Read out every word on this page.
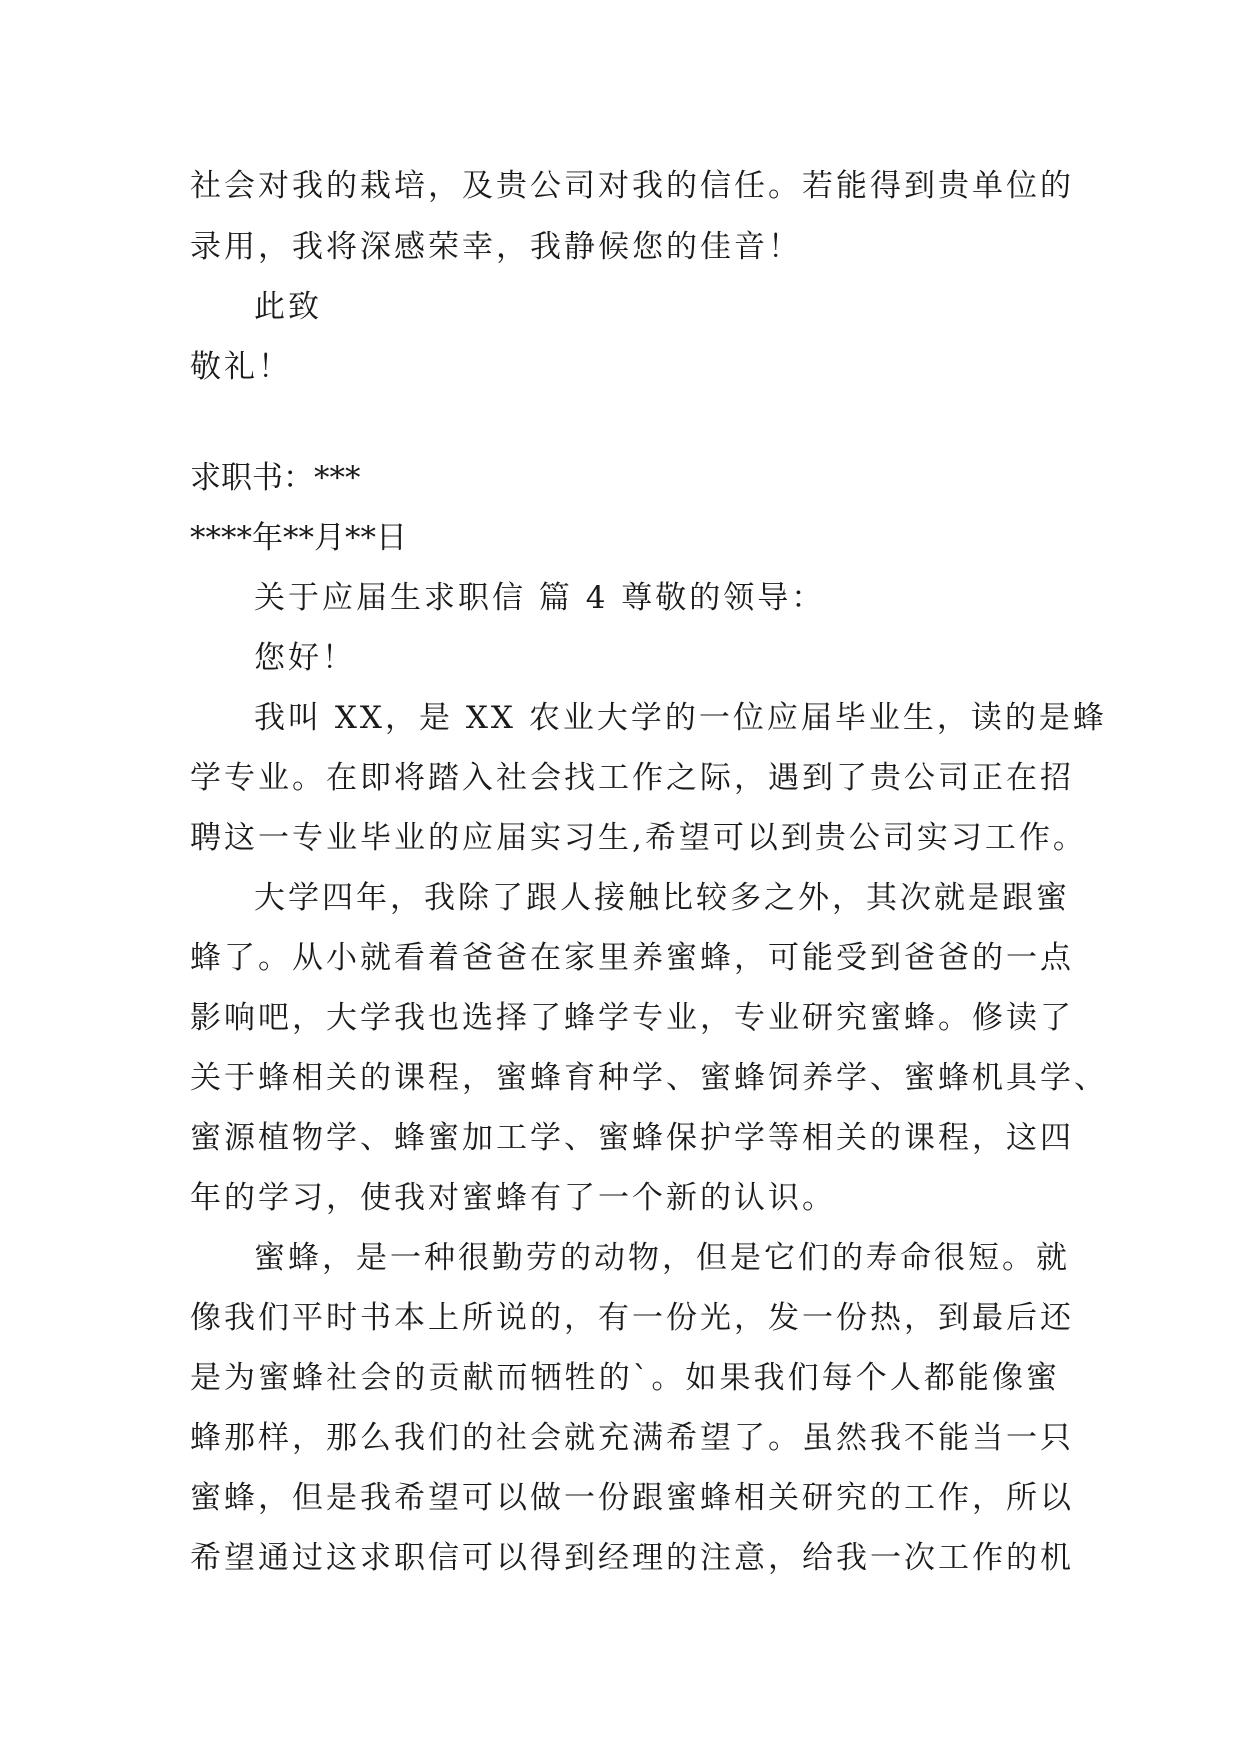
社会对我的栽培，及贵公司对我的信任。若能得到贵单位的
录用，我将深感荣幸，我静候您的佳音！
此致
敬礼！
求职书：***
****年**月**日
关于应届生求职信 篇 4 尊敬的领导：
您好！
我叫 XX，是 XX 农业大学的一位应届毕业生，读的是蜂
学专业。在即将踏入社会找工作之际，遇到了贵公司正在招
聘这一专业毕业的应届实习生,希望可以到贵公司实习工作。
大学四年，我除了跟人接触比较多之外，其次就是跟蜜
蜂了。从小就看着爸爸在家里养蜜蜂，可能受到爸爸的一点
影响吧，大学我也选择了蜂学专业，专业研究蜜蜂。修读了
关于蜂相关的课程，蜜蜂育种学、蜜蜂饲养学、蜜蜂机具学、
蜜源植物学、蜂蜜加工学、蜜蜂保护学等相关的课程，这四
年的学习，使我对蜜蜂有了一个新的认识。
蜜蜂，是一种很勤劳的动物，但是它们的寿命很短。就
像我们平时书本上所说的，有一份光，发一份热，到最后还
是为蜜蜂社会的贡献而牺牲的`。如果我们每个人都能像蜜
蜂那样，那么我们的社会就充满希望了。虽然我不能当一只
蜜蜂，但是我希望可以做一份跟蜜蜂相关研究的工作，所以
希望通过这求职信可以得到经理的注意，给我一次工作的机
